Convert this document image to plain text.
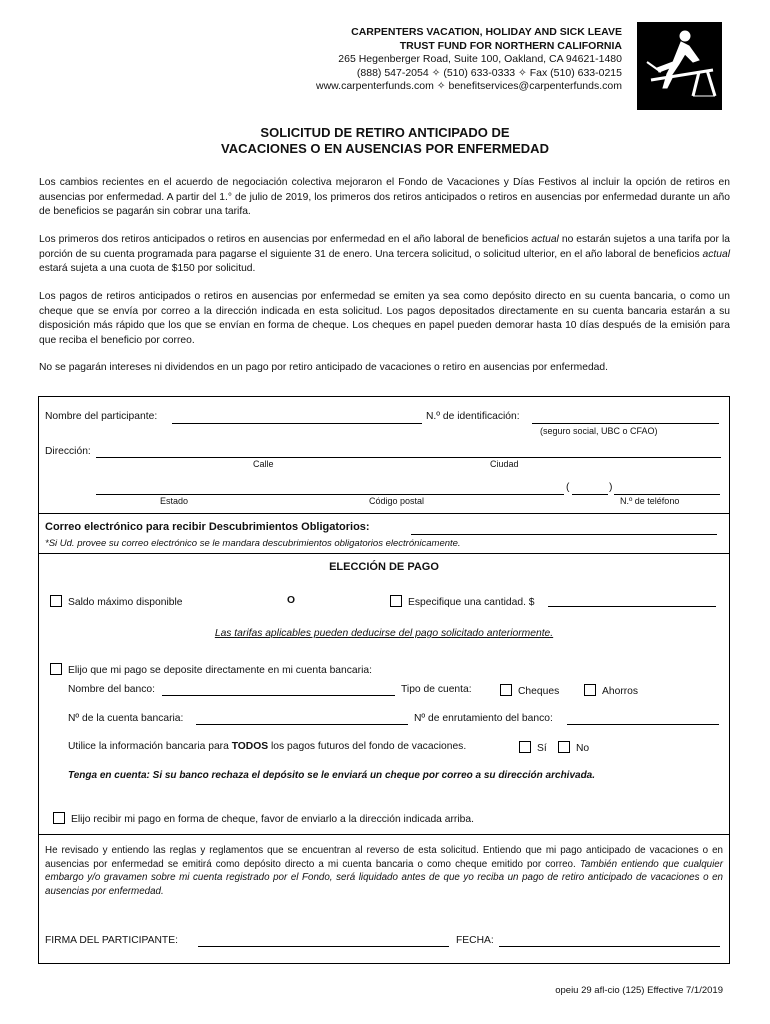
CARPENTERS VACATION, HOLIDAY AND SICK LEAVE
TRUST FUND FOR NORTHERN CALIFORNIA
265 Hegenberger Road, Suite 100, Oakland, CA 94621-1480
(888) 547-2054 ✧ (510) 633-0333 ✧ Fax (510) 633-0215
www.carpenterfunds.com ✧ benefitservices@carpenterfunds.com
SOLICITUD DE RETIRO ANTICIPADO DE
VACACIONES O EN AUSENCIAS POR ENFERMEDAD
Los cambios recientes en el acuerdo de negociación colectiva mejoraron el Fondo de Vacaciones y Días Festivos al incluir la opción de retiros en ausencias por enfermedad. A partir del 1.° de julio de 2019, los primeros dos retiros anticipados o retiros en ausencias por enfermedad durante un año de beneficios se pagarán sin cobrar una tarifa.
Los primeros dos retiros anticipados o retiros en ausencias por enfermedad en el año laboral de beneficios actual no estarán sujetos a una tarifa por la porción de su cuenta programada para pagarse el siguiente 31 de enero. Una tercera solicitud, o solicitud ulterior, en el año laboral de beneficios actual estará sujeta a una cuota de $150 por solicitud.
Los pagos de retiros anticipados o retiros en ausencias por enfermedad se emiten ya sea como depósito directo en su cuenta bancaria, o como un cheque que se envía por correo a la dirección indicada en esta solicitud. Los pagos depositados directamente en su cuenta bancaria estarán a su disposición más rápido que los que se envían en forma de cheque. Los cheques en papel pueden demorar hasta 10 días después de la emisión para que reciba el beneficio por correo.
No se pagarán intereses ni dividendos en un pago por retiro anticipado de vacaciones o retiro en ausencias por enfermedad.
Nombre del participante:	N.º de identificación:
(seguro social, UBC o CFAO)
Dirección:
Calle	Ciudad
(	)
Estado	Código postal	N.º de teléfono
Correo electrónico para recibir Descubrimientos Obligatorios:
*Si Ud. provee su correo electrónico se le mandara descubrimientos obligatorios electrónicamente.
ELECCIÓN DE PAGO
Saldo máximo disponible	O	Especifique una cantidad. $
Las tarifas aplicables pueden deducirse del pago solicitado anteriormente.
Elijo que mi pago se deposite directamente en mi cuenta bancaria:
Nombre del banco:	Tipo de cuenta:	Cheques	Ahorros
Nº de la cuenta bancaria:	Nº de enrutamiento del banco:
Utilice la información bancaria para TODOS los pagos futuros del fondo de vacaciones.	Sí	No
Tenga en cuenta: Si su banco rechaza el depósito se le enviará un cheque por correo a su dirección archivada.
Elijo recibir mi pago en forma de cheque, favor de enviarlo a la dirección indicada arriba.
He revisado y entiendo las reglas y reglamentos que se encuentran al reverso de esta solicitud. Entiendo que mi pago anticipado de vacaciones o en ausencias por enfermedad se emitirá como depósito directo a mi cuenta bancaria o como cheque emitido por correo. También entiendo que cualquier embargo y/o gravamen sobre mi cuenta registrado por el Fondo, será liquidado antes de que yo reciba un pago de retiro anticipado de vacaciones o en ausencias por enfermedad.
FIRMA DEL PARTICIPANTE:	FECHA:
opeiu 29 afl-cio (125) Effective 7/1/2019
